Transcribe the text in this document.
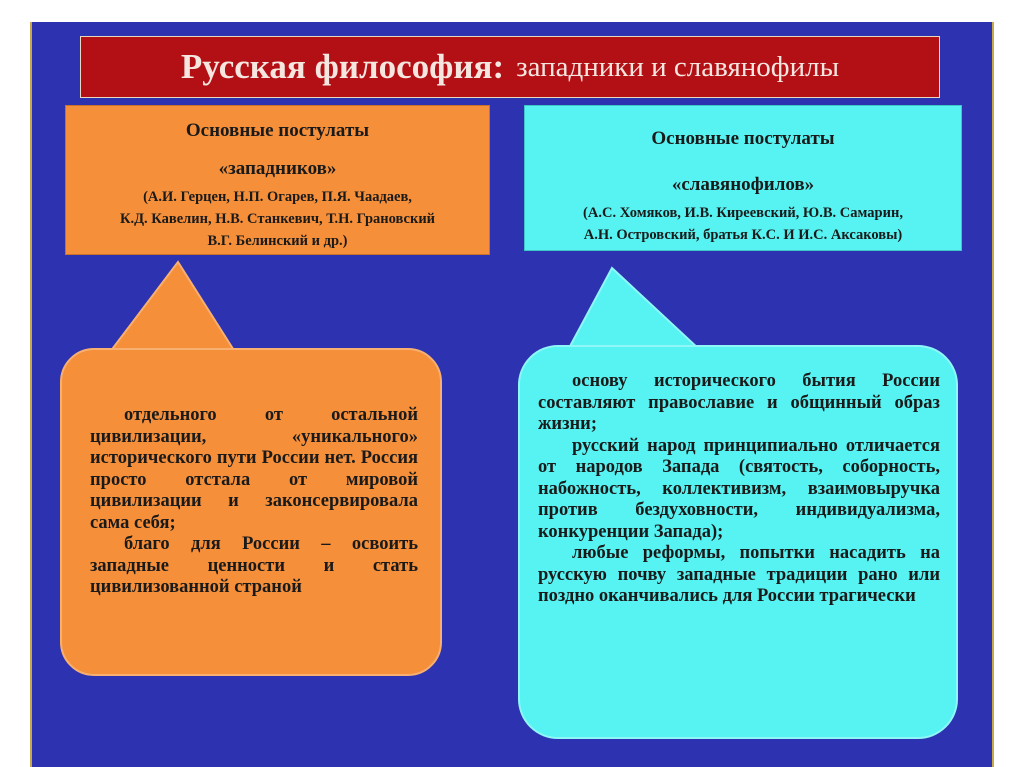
Русская философия: западники и славянофилы
Основные постулаты
«западников»
(А.И. Герцен, Н.П. Огарев, П.Я. Чаадаев,
К.Д. Кавелин, Н.В. Станкевич, Т.Н. Грановский
В.Г. Белинский и др.)
Основные постулаты
«славянофилов»
(А.С. Хомяков, И.В. Киреевский, Ю.В. Самарин,
А.Н. Островский, братья К.С. И И.С. Аксаковы)

отдельного от остальной цивилизации, «уникального» исторического пути России нет. Россия просто отстала от мировой цивилизации и законсервировала сама себя;

благо для России – освоить западные ценности и стать цивилизованной страной

основу исторического бытия России составляют православие и общинный образ жизни;

русский народ принципиально отличается от народов Запада (святость, соборность, набожность, коллективизм, взаимовыручка против бездуховности, индивидуализма, конкуренции Запада);

любые реформы, попытки насадить на русскую почву западные традиции рано или поздно оканчивались для России трагически
